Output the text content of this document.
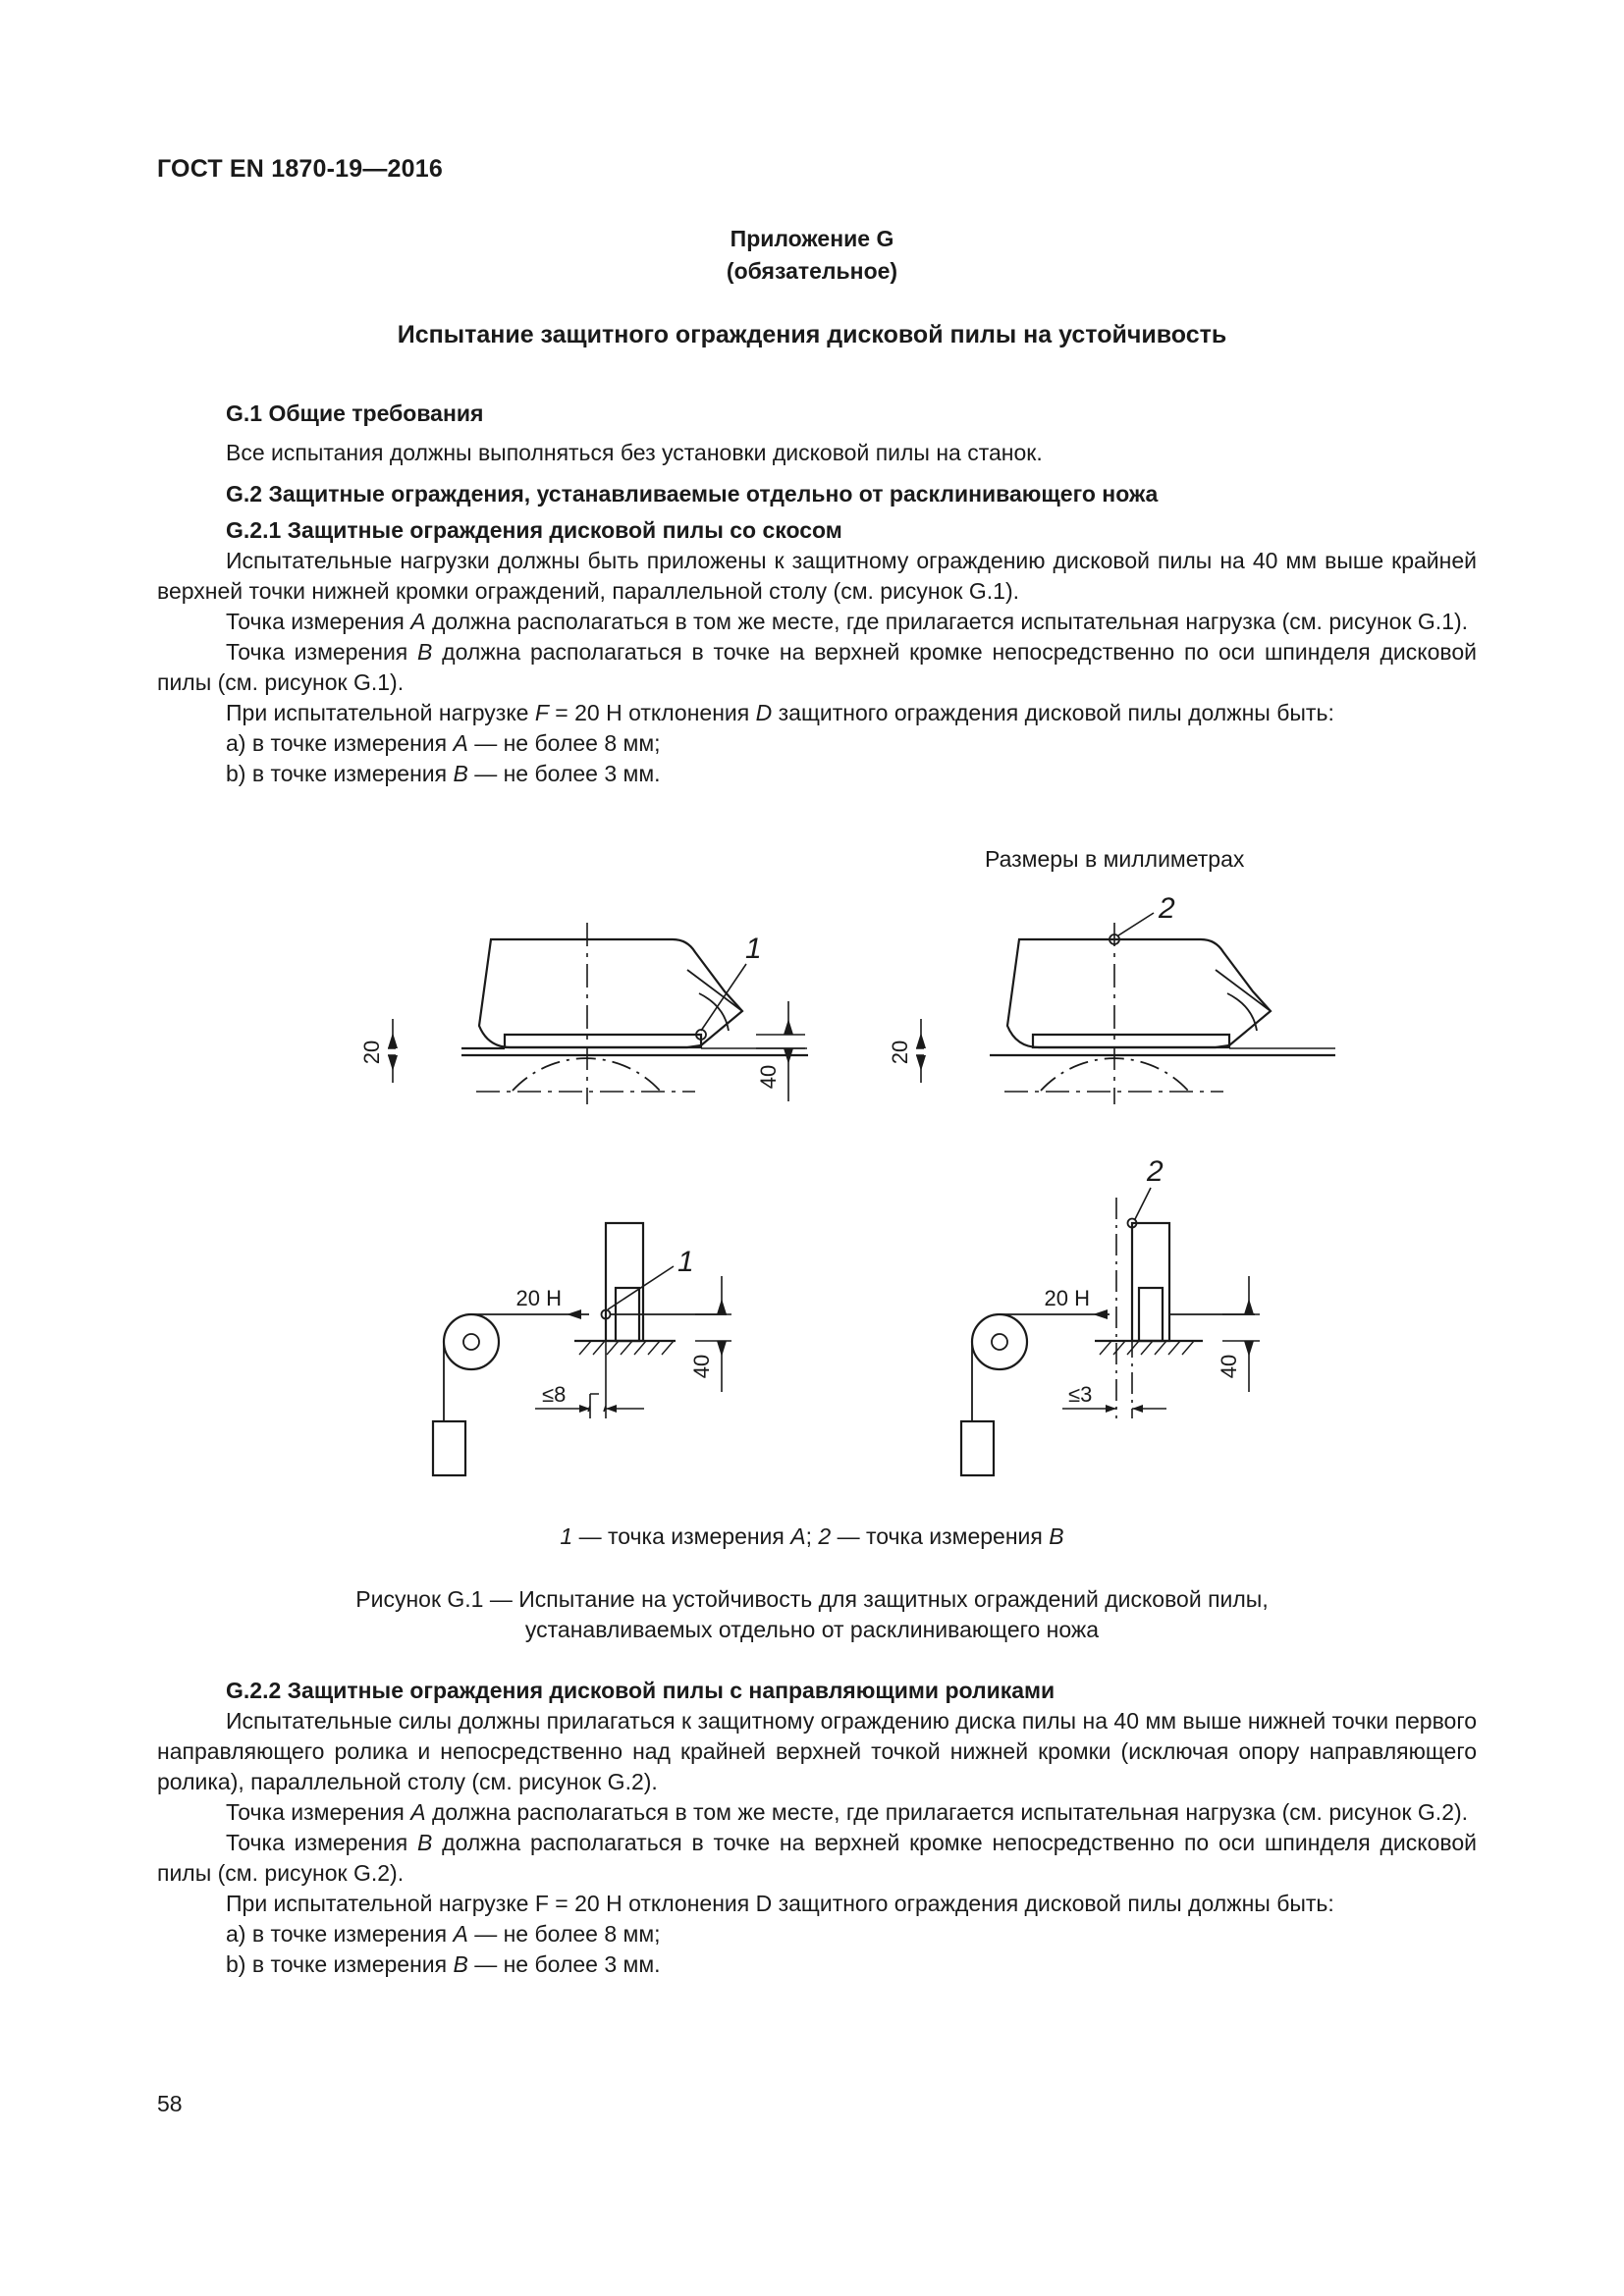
ГОСТ EN 1870-19—2016
Приложение G
(обязательное)
Испытание защитного ограждения дисковой пилы на устойчивость

G.1 Общие требования

Все испытания должны выполняться без установки дисковой пилы на станок.

G.2 Защитные ограждения, устанавливаемые отдельно от расклинивающего ножа

G.2.1 Защитные ограждения дисковой пилы со скосом

Испытательные нагрузки должны быть приложены к защитному ограждению дисковой пилы на 40 мм выше крайней верхней точки нижней кромки ограждений, параллельной столу (см. рисунок G.1).

Точка измерения А должна располагаться в том же месте, где прилагается испытательная нагрузка (см. рисунок G.1).

Точка измерения В должна располагаться в точке на верхней кромке непосредственно по оси шпинделя дисковой пилы (см. рисунок G.1).

При испытательной нагрузке F = 20 Н отклонения D защитного ограждения дисковой пилы должны быть:

a) в точке измерения А — не более 8 мм;

b) в точке измерения В — не более 3 мм.

Размеры в миллиметрах
20
40
1
20
2
20 Н
1
≤8
40
20 Н
2
≤3
40
1 — точка измерения А; 2 — точка измерения В
Рисунок G.1 — Испытание на устойчивость для защитных ограждений дисковой пилы,
устанавливаемых отдельно от расклинивающего ножа

G.2.2 Защитные ограждения дисковой пилы с направляющими роликами

Испытательные силы должны прилагаться к защитному ограждению диска пилы на 40 мм выше нижней точки первого направляющего ролика и непосредственно над крайней верхней точкой нижней кромки (исключая опору направляющего ролика), параллельной столу (см. рисунок G.2).

Точка измерения А должна располагаться в том же месте, где прилагается испытательная нагрузка (см. рисунок G.2).

Точка измерения В должна располагаться в точке на верхней кромке непосредственно по оси шпинделя дисковой пилы (см. рисунок G.2).

При испытательной нагрузке F = 20 Н отклонения D защитного ограждения дисковой пилы должны быть:

a) в точке измерения А — не более 8 мм;

b) в точке измерения В — не более 3 мм.

58
